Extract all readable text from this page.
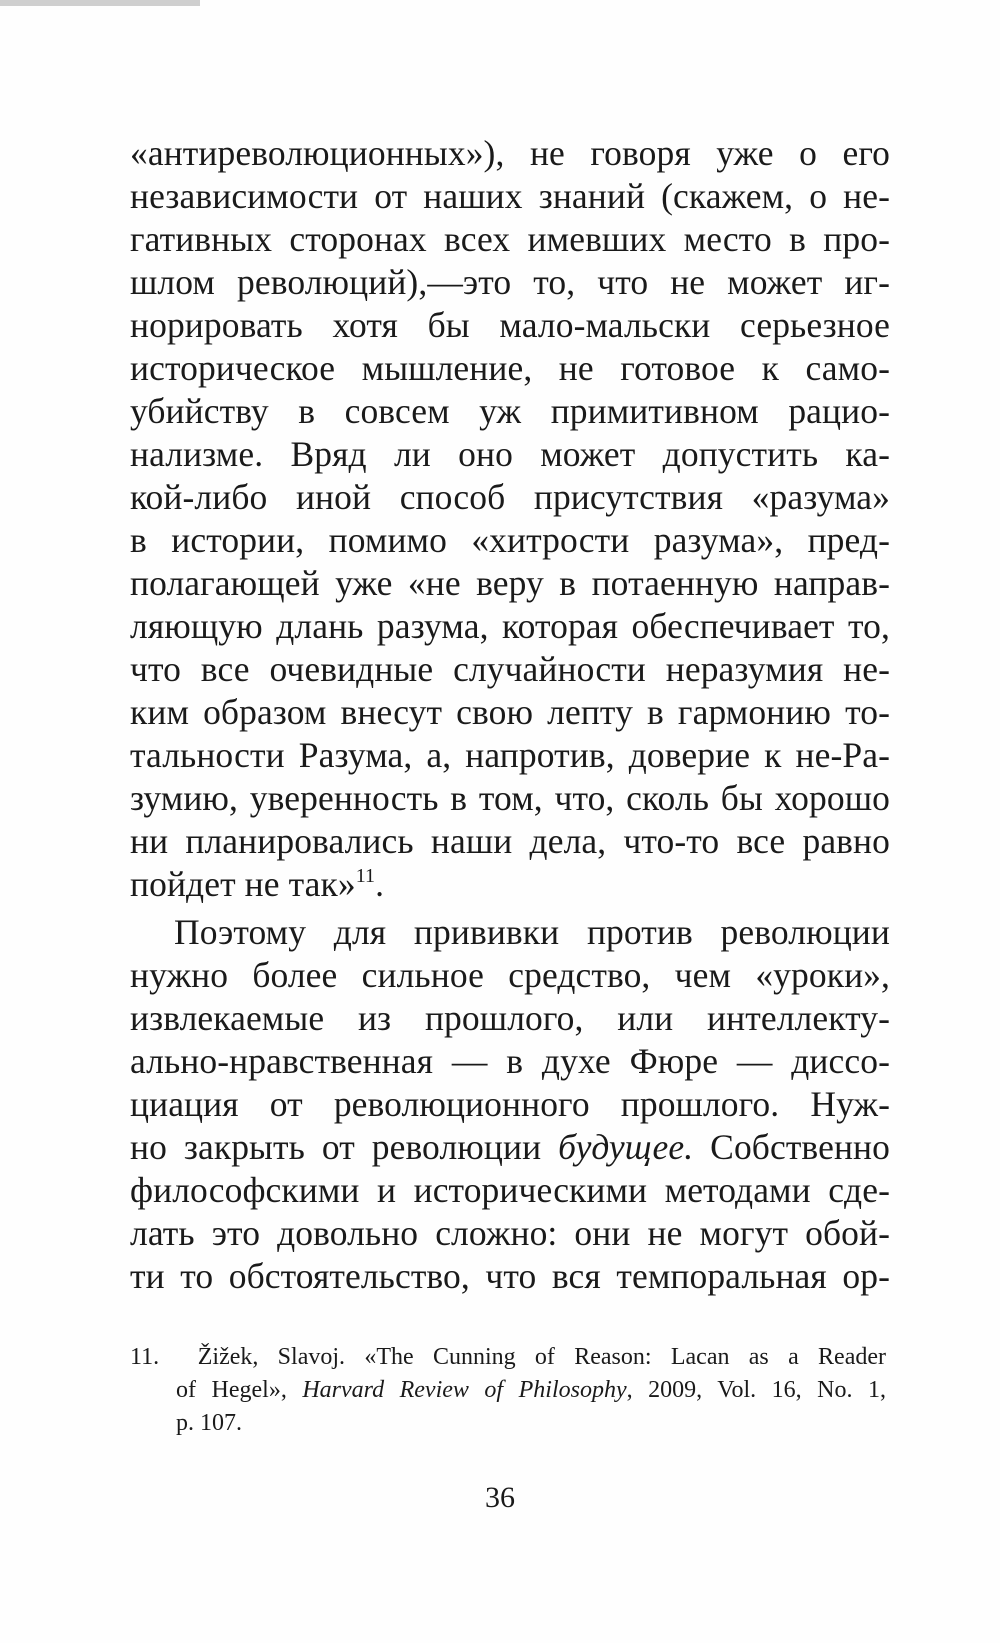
«антиреволюционных»), не говоря уже о его
независимости от наших знаний (скажем, о не-
гативных сторонах всех имевших место в про-
шлом революций),—это то, что не может иг-
норировать хотя бы мало-мальски серьезное
историческое мышление, не готовое к само-
убийству в совсем уж примитивном рацио-
нализме. Вряд ли оно может допустить ка-
кой-либо иной способ присутствия «разума»
в истории, помимо «хитрости разума», пред-
полагающей уже «не веру в потаенную направ-
ляющую длань разума, которая обеспечивает то,
что все очевидные случайности неразумия не-
ким образом внесут свою лепту в гармонию то-
тальности Разума, а, напротив, доверие к не-Ра-
зумию, уверенность в том, что, сколь бы хорошо
ни планировались наши дела, что-то все равно
пойдет не так»$^{11}$.
Поэтому для прививки против революции
нужно более сильное средство, чем «уроки»,
извлекаемые из прошлого, или интеллекту-
ально-нравственная — в духе Фюре — диссо-
циация от революционного прошлого. Нуж-
но закрыть от революции будущее. Собственно
философскими и историческими методами сде-
лать это довольно сложно: они не могут обой-
ти то обстоятельство, что вся темпоральная ор-
11. Žižek, Slavoj. «The Cunning of Reason: Lacan as a Reader
of Hegel», Harvard Review of Philosophy, 2009, Vol. 16, No. 1,
p. 107.
36
